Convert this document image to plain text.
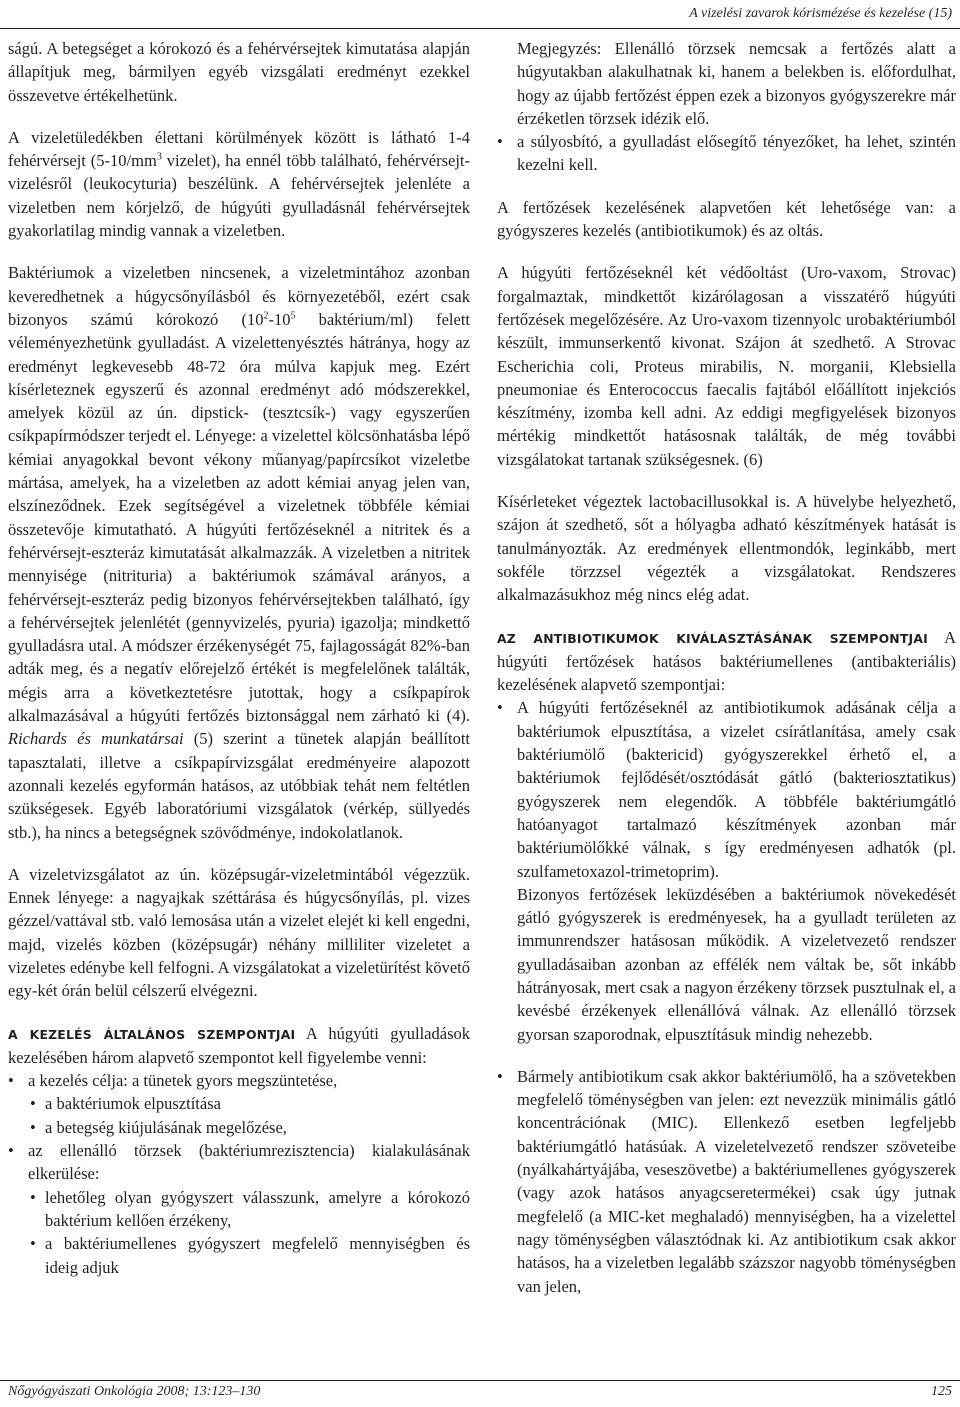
A vizelési zavarok kórismézése és kezelése (15)

ságú. A betegséget a kórokozó és a fehérvérsejtek kimutatása alapján állapítjuk meg, bármilyen egyéb vizsgálati eredményt ezekkel összevetve értékelhetünk.

A vizeletüledékben élettani körülmények között is látható 1-4 fehérvérsejt ($5-10/mm^3$ vizelet), ha ennél több található, fehérvérsejt-vizelésről (leukocyturia) beszélünk. A fehérvérsejtek jelenléte a vizeletben nem kórjelző, de húgyúti gyulladásnál fehérvérsejtek gyakorlatilag mindig vannak a vizeletben.

Baktériumok a vizeletben nincsenek, a vizeletmintához azonban keveredhetnek a húgycsőnyílásból és környezetéből, ezért csak bizonyos számú kórokozó ($10^2-10^5$ baktérium/ml) felett véleményezhetünk gyulladást. A vizelettenyésztés hátránya, hogy az eredményt legkevesebb 48-72 óra múlva kapjuk meg. Ezért kísérleteznek egyszerű és azonnal eredményt adó módszerekkel, amelyek közül az ún. dipstick- (tesztcsík-) vagy egyszerűen csíkpapírmódszer terjedt el. Lényege: a vizelettel kölcsönhatásba lépő kémiai anyagokkal bevont vékony műanyag/papírcsíkot vizeletbe mártása, amelyek, ha a vizeletben az adott kémiai anyag jelen van, elszíneződnek. Ezek segítségével a vizeletnek többféle kémiai összetevője kimutatható. A húgyúti fertőzéseknél a nitritek és a fehérvérsejt-eszteráz kimutatását alkalmazzák. A vizeletben a nitritek mennyisége (nitrituria) a baktériumok számával arányos, a fehérvérsejt-eszteráz pedig bizonyos fehérvérsejtekben található, így a fehérvérsejtek jelenlétét (gennyvizelés, pyuria) igazolja; mindkettő gyulladásra utal. A módszer érzékenységét 75, fajlagosságát 82%-ban adták meg, és a negatív előrejelző értékét is megfelelőnek találták, mégis arra a következtetésre jutottak, hogy a csíkpapírok alkalmazásával a húgyúti fertőzés biztonsággal nem zárható ki (4). Richards és munkatársai (5) szerint a tünetek alapján beállított tapasztalati, illetve a csíkpapírvizsgálat eredményeire alapozott azonnali kezelés egyformán hatásos, az utóbbiak tehát nem feltétlen szükségesek. Egyéb laboratóriumi vizsgálatok (vérkép, süllyedés stb.), ha nincs a betegségnek szövődménye, indokolatlanok.

A vizeletvizsgálatot az ún. középsugár-vizeletmintából végezzük. Ennek lényege: a nagyajkak széttárása és húgycsőnyílás, pl. vizes gézzel/vattával stb. való lemosása után a vizelet elejét ki kell engedni, majd, vizelés közben (középsugár) néhány milliliter vizeletet a vizeletes edénybe kell felfogni. A vizsgálatokat a vizeletürítést követő egy-két órán belül célszerű elvégezni.

A KEZELÉS ÁLTALÁNOS SZEMPONTJAI A húgyúti gyulladások kezelésében három alapvető szempontot kell figyelembe venni:

• a kezelés célja: a tünetek gyors megszüntetése,
• a baktériumok elpusztítása
• a betegség kiújulásának megelőzése,
• az ellenálló törzsek (baktériumrezisztencia) kialakulásának elkerülése:
• lehetőleg olyan gyógyszert válasszunk, amelyre a kórokozó baktérium kellően érzékeny,
• a baktériumellenes gyógyszert megfelelő mennyiségben és ideig adjuk

Megjegyzés: Ellenálló törzsek nemcsak a fertőzés alatt a húgyutakban alakulhatnak ki, hanem a belekben is. előfordulhat, hogy az újabb fertőzést éppen ezek a bizonyos gyógyszerekre már érzéketlen törzsek idézik elő.

• a súlyosbító, a gyulladást elősegítő tényezőket, ha lehet, szintén kezelni kell.

A fertőzések kezelésének alapvetően két lehetősége van: a gyógyszeres kezelés (antibiotikumok) és az oltás.

A húgyúti fertőzéseknél két védőoltást (Uro-vaxom, Strovac) forgalmaztak, mindkettőt kizárólagosan a visszatérő húgyúti fertőzések megelőzésére. Az Uro-vaxom tizennyolc urobaktériumból készült, immunserkentő kivonat. Szájon át szedhető. A Strovac Escherichia coli, Proteus mirabilis, N. morganii, Klebsiella pneumoniae és Enterococcus faecalis fajtából előállított injekciós készítmény, izomba kell adni. Az eddigi megfigyelések bizonyos mértékig mindkettőt hatásosnak találták, de még további vizsgálatokat tartanak szükségesnek. (6)

Kísérleteket végeztek lactobacillusokkal is. A hüvelybe helyezhető, szájon át szedhető, sőt a hólyagba adható készítmények hatását is tanulmányozták. Az eredmények ellentmondók, leginkább, mert sokféle törzzsel végezték a vizsgálatokat. Rendszeres alkalmazásukhoz még nincs elég adat.

AZ ANTIBIOTIKUMOK KIVÁLASZTÁSÁNAK SZEMPONTJAI A húgyúti fertőzések hatásos baktériumellenes (antibakteriális) kezelésének alapvető szempontjai:

• A húgyúti fertőzéseknél az antibiotikumok adásának célja a baktériumok elpusztítása, a vizelet csírátlanítása, amely csak baktériumölő (baktericid) gyógyszerekkel érhető el, a baktériumok fejlődését/osztódását gátló (bakteriosztatikus) gyógyszerek nem elegendők. A többféle baktériumgátló hatóanyagot tartalmazó készítmények azonban már baktériumölőkké válnak, s így eredményesen adhatók (pl. szulfametoxazol-trimetoprim).

Bizonyos fertőzések leküzdésében a baktériumok növekedését gátló gyógyszerek is eredményesek, ha a gyulladt területen az immunrendszer hatásosan működik. A vizeletvezető rendszer gyulladásaiban azonban az effélék nem váltak be, sőt inkább hátrányosak, mert csak a nagyon érzékeny törzsek pusztulnak el, a kevésbé érzékenyek ellenállóvá válnak. Az ellenálló törzsek gyorsan szaporodnak, elpusztításuk mindig nehezebb.

• Bármely antibiotikum csak akkor baktériumölő, ha a szövetekben megfelelő töménységben van jelen: ezt nevezzük minimális gátló koncentrációnak (MIC). Ellenkező esetben legfeljebb baktériumgátló hatásúak. A vizeletelvezető rendszer szöveteibe (nyálkahártyájába, veseszövetbe) a baktériumellenes gyógyszerek (vagy azok hatásos anyagcseretermékei) csak úgy jutnak megfelelő (a MIC-ket meghaladó) mennyiségben, ha a vizelettel nagy töménységben választódnak ki. Az antibiotikum csak akkor hatásos, ha a vizeletben legalább százszor nagyobb töménységben van jelen,
Nőgyógyászati Onkológia 2008; 13:123–130	125
